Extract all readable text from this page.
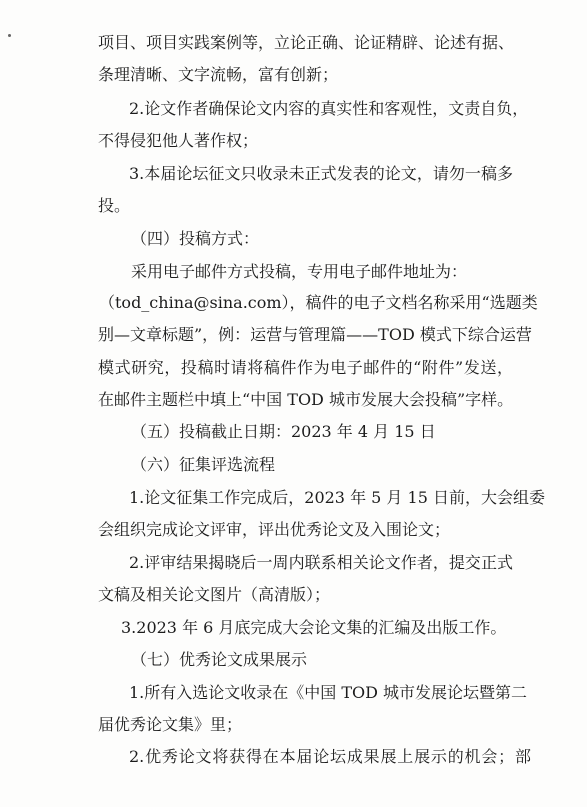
项目、项目实践案例等，立论正确、论证精辟、论述有据、
条理清晰、文字流畅，富有创新；
2.论文作者确保论文内容的真实性和客观性，文责自负，
不得侵犯他人著作权；
3.本届论坛征文只收录未正式发表的论文，请勿一稿多
投。
（四）投稿方式：
采用电子邮件方式投稿，专用电子邮件地址为：
（tod_china@sina.com），稿件的电子文档名称采用“选题类
别—文章标题”，例：运营与管理篇——TOD 模式下综合运营
模式研究，投稿时请将稿件作为电子邮件的“附件”发送，
在邮件主题栏中填上“中国 TOD 城市发展大会投稿”字样。
（五）投稿截止日期：2023 年 4 月 15 日
（六）征集评选流程
1.论文征集工作完成后，2023 年 5 月 15 日前，大会组委
会组织完成论文评审，评出优秀论文及入围论文；
2.评审结果揭晓后一周内联系相关论文作者，提交正式
文稿及相关论文图片（高清版）；
3.2023 年 6 月底完成大会论文集的汇编及出版工作。
（七）优秀论文成果展示
1.所有入选论文收录在《中国 TOD 城市发展论坛暨第二
届优秀论文集》里；
2.优秀论文将获得在本届论坛成果展上展示的机会；部
